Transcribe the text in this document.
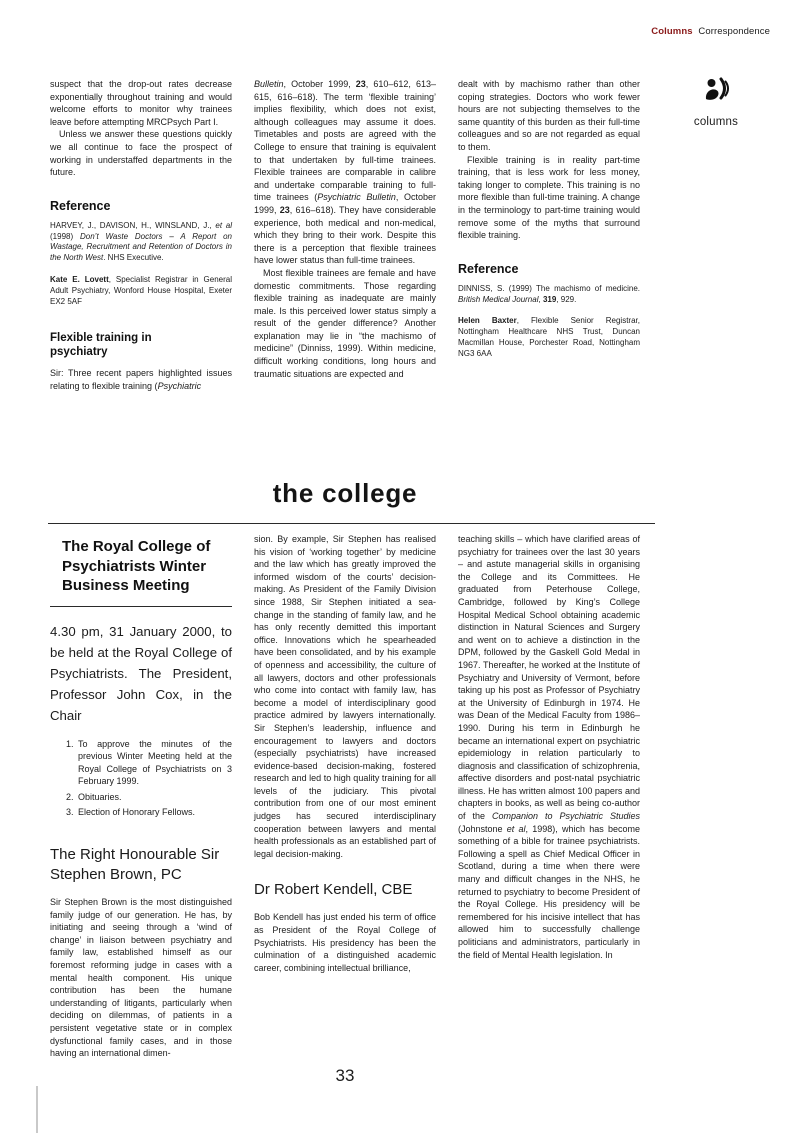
Columns Correspondence

suspect that the drop-out rates decrease exponentially throughout training and would welcome efforts to monitor why trainees leave before attempting MRCPsych Part I.

Unless we answer these questions quickly we all continue to face the prospect of working in understaffed departments in the future.

Reference

HARVEY, J., DAVISON, H., WINSLAND, J., et al (1998) Don’t Waste Doctors – A Report on Wastage, Recruitment and Retention of Doctors in the North West. NHS Executive.

Kate E. Lovett, Specialist Registrar in General Adult Psychiatry, Wonford House Hospital, Exeter EX2 5AF

Flexible training in psychiatry

Sir: Three recent papers highlighted issues relating to flexible training (Psychiatric

Bulletin, October 1999, 23, 610–612, 613–615, 616–618). The term ‘flexible training’ implies flexibility, which does not exist, although colleagues may assume it does. Timetables and posts are agreed with the College to ensure that training is equivalent to that undertaken by full-time trainees. Flexible trainees are comparable in calibre and undertake comparable training to full-time trainees (Psychiatric Bulletin, October 1999, 23, 616–618). They have considerable experience, both medical and non-medical, which they bring to their work. Despite this there is a perception that flexible trainees have lower status than full-time trainees.

Most flexible trainees are female and have domestic commitments. Those regarding flexible training as inadequate are mainly male. Is this perceived lower status simply a result of the gender difference? Another explanation may lie in “the machismo of medicine” (Dinniss, 1999). Within medicine, difficult working conditions, long hours and traumatic situations are expected and

dealt with by machismo rather than other coping strategies. Doctors who work fewer hours are not subjecting themselves to the same quantity of this burden as their full-time colleagues and so are not regarded as equal to them.

Flexible training is in reality part-time training, that is less work for less money, taking longer to complete. This training is no more flexible than full-time training. A change in the terminology to part-time training would remove some of the myths that surround flexible training.

Reference

DINNISS, S. (1999) The machismo of medicine. British Medical Journal, 319, 929.

Helen Baxter, Flexible Senior Registrar, Nottingham Healthcare NHS Trust, Duncan Macmillan House, Porchester Road, Nottingham NG3 6AA

columns
the college
The Royal College of Psychiatrists Winter Business Meeting

4.30 pm, 31 January 2000, to be held at the Royal College of Psychiatrists. The President, Professor John Cox, in the Chair

1. To approve the minutes of the previous Winter Meeting held at the Royal College of Psychiatrists on 3 February 1999.
2. Obituaries.
3. Election of Honorary Fellows.
The Right Honourable Sir Stephen Brown, PC

Sir Stephen Brown is the most distinguished family judge of our generation. He has, by initiating and seeing through a ‘wind of change’ in liaison between psychiatry and family law, established himself as our foremost reforming judge in cases with a mental health component. His unique contribution has been the humane understanding of litigants, particularly when deciding on dilemmas, of patients in a persistent vegetative state or in complex dysfunctional family cases, and in those having an international dimen-

sion. By example, Sir Stephen has realised his vision of ‘working together’ by medicine and the law which has greatly improved the informed wisdom of the courts’ decision-making. As President of the Family Division since 1988, Sir Stephen initiated a sea-change in the standing of family law, and he has only recently demitted this important office. Innovations which he spearheaded have been consolidated, and by his example of openness and accessibility, the culture of all lawyers, doctors and other professionals who come into contact with family law, has become a model of interdisciplinary good practice admired by lawyers internationally. Sir Stephen’s leadership, influence and encouragement to lawyers and doctors (especially psychiatrists) have increased evidence-based decision-making, fostered research and led to high quality training for all levels of the judiciary. This pivotal contribution from one of our most eminent judges has secured interdisciplinary cooperation between lawyers and mental health professionals as an established part of legal decision-making.

Dr Robert Kendell, CBE

Bob Kendell has just ended his term of office as President of the Royal College of Psychiatrists. His presidency has been the culmination of a distinguished academic career, combining intellectual brilliance,

teaching skills – which have clarified areas of psychiatry for trainees over the last 30 years – and astute managerial skills in organising the College and its Committees. He graduated from Peterhouse College, Cambridge, followed by King’s College Hospital Medical School obtaining academic distinction in Natural Sciences and Surgery and went on to achieve a distinction in the DPM, followed by the Gaskell Gold Medal in 1967. Thereafter, he worked at the Institute of Psychiatry and University of Vermont, before taking up his post as Professor of Psychiatry at the University of Edinburgh in 1974. He was Dean of the Medical Faculty from 1986–1990. During his term in Edinburgh he became an international expert on psychiatric epidemiology in relation particularly to diagnosis and classification of schizophrenia, affective disorders and post-natal psychiatric illness. He has written almost 100 papers and chapters in books, as well as being co-author of the Companion to Psychiatric Studies (Johnstone et al, 1998), which has become something of a bible for trainee psychiatrists. Following a spell as Chief Medical Officer in Scotland, during a time when there were many and difficult changes in the NHS, he returned to psychiatry to become President of the Royal College. His presidency will be remembered for his incisive intellect that has allowed him to successfully challenge politicians and administrators, particularly in the field of Mental Health legislation. In

33
